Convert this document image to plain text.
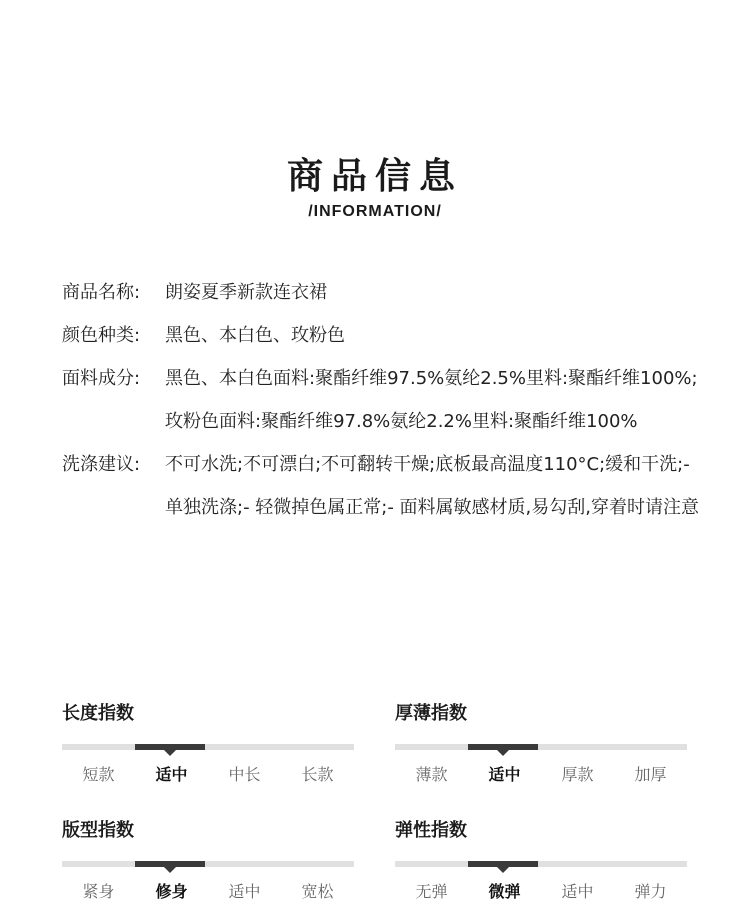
商品信息
/INFORMATION/
商品名称:	朗姿夏季新款连衣裙
颜色种类:	黑色、本白色、玫粉色
面料成分:	黑色、本白色面料:聚酯纤维97.5%氨纶2.5%里料:聚酯纤维100%; 玫粉色面料:聚酯纤维97.8%氨纶2.2%里料:聚酯纤维100%
洗涤建议:	不可水洗;不可漂白;不可翻转干燥;底板最高温度110°C;缓和干洗;- 单独洗涤;- 轻微掉色属正常;- 面料属敏感材质,易勾刮,穿着时请注意
长度指数
短款	适中	中长	长款
厚薄指数
薄款	适中	厚款	加厚
版型指数
紧身	修身	适中	宽松
弹性指数
无弹	微弹	适中	弹力
